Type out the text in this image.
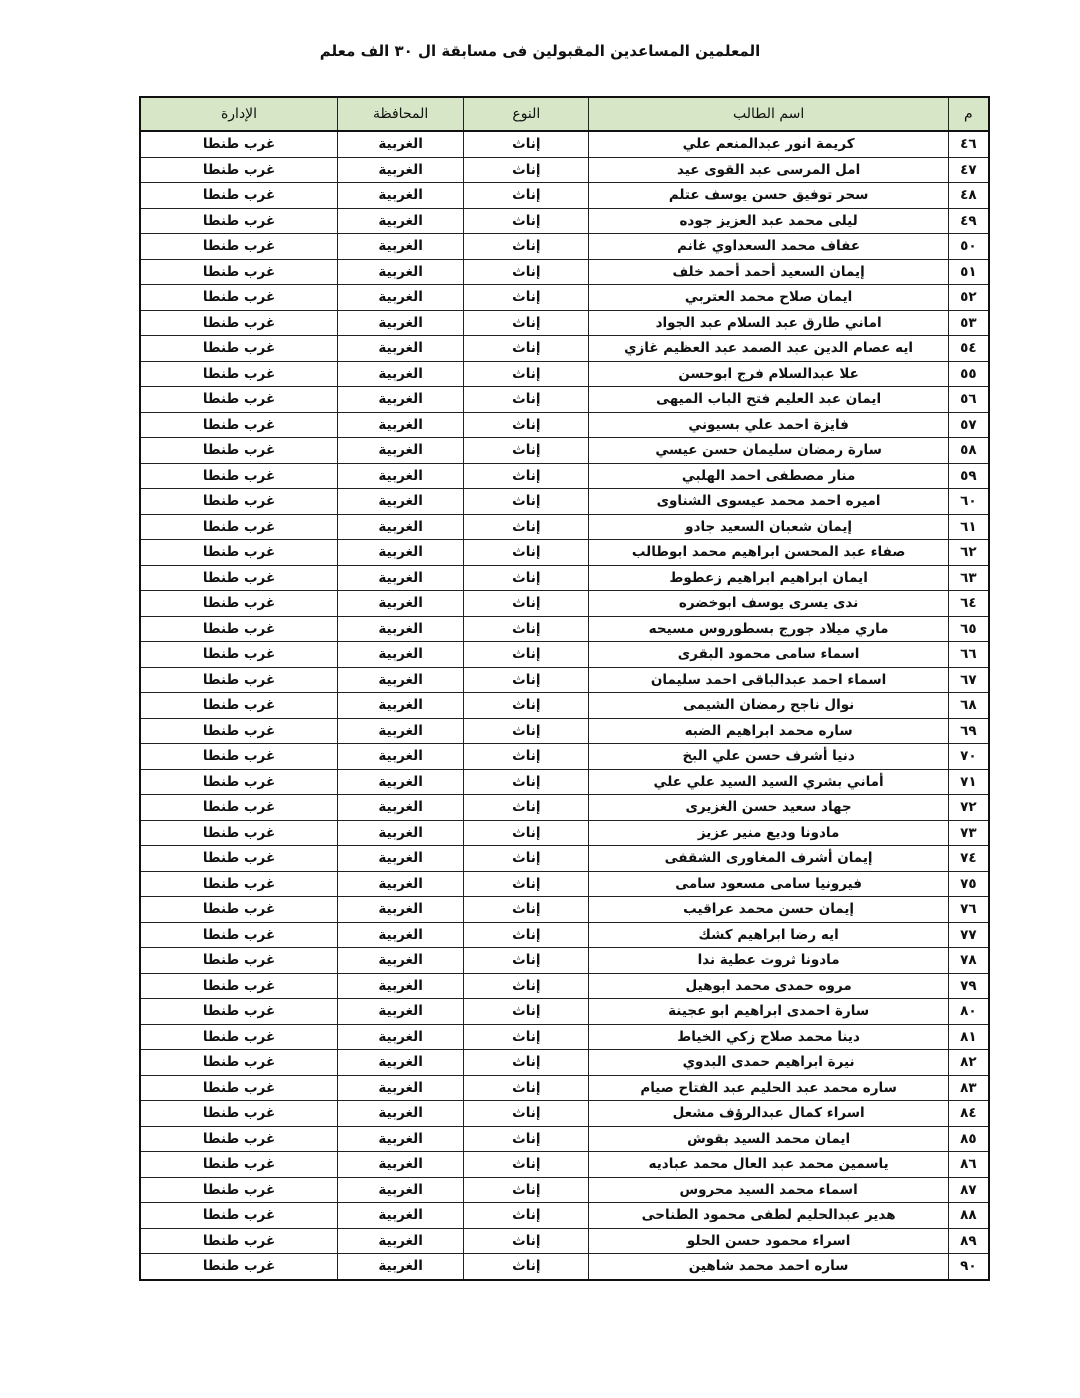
المعلمين المساعدين المقبولين فى مسابقة ال ٣٠ الف معلم
م	اسم الطالب	النوع	المحافظة	الإدارة
٤٦	كريمة انور عبدالمنعم علي	إناث	الغربية	غرب طنطا
٤٧	امل المرسى عبد القوى عيد	إناث	الغربية	غرب طنطا
٤٨	سحر توفيق حسن يوسف عتلم	إناث	الغربية	غرب طنطا
٤٩	ليلى محمد عبد العزيز جوده	إناث	الغربية	غرب طنطا
٥٠	عفاف محمد السعداوي غانم	إناث	الغربية	غرب طنطا
٥١	إيمان السعيد أحمد أحمد خلف	إناث	الغربية	غرب طنطا
٥٢	ايمان صلاح محمد العتربي	إناث	الغربية	غرب طنطا
٥٣	اماني طارق عبد السلام عبد الجواد	إناث	الغربية	غرب طنطا
٥٤	ايه عصام الدين عبد الصمد عبد العظيم غازي	إناث	الغربية	غرب طنطا
٥٥	علا عبدالسلام فرج ابوحسن	إناث	الغربية	غرب طنطا
٥٦	ايمان عبد العليم فتح الباب الميهى	إناث	الغربية	غرب طنطا
٥٧	فايزة احمد علي بسيوني	إناث	الغربية	غرب طنطا
٥٨	سارة رمضان سليمان حسن عيسي	إناث	الغربية	غرب طنطا
٥٩	منار مصطفى احمد الهلبي	إناث	الغربية	غرب طنطا
٦٠	اميره احمد محمد عيسوى الشناوى	إناث	الغربية	غرب طنطا
٦١	إيمان شعبان السعيد جادو	إناث	الغربية	غرب طنطا
٦٢	صفاء عبد المحسن ابراهيم محمد ابوطالب	إناث	الغربية	غرب طنطا
٦٣	ايمان ابراهيم ابراهيم زعطوط	إناث	الغربية	غرب طنطا
٦٤	ندى يسرى يوسف ابوخضره	إناث	الغربية	غرب طنطا
٦٥	ماري ميلاد جورج بسطوروس مسيحه	إناث	الغربية	غرب طنطا
٦٦	اسماء سامى محمود البقرى	إناث	الغربية	غرب طنطا
٦٧	اسماء احمد عبدالباقى احمد سليمان	إناث	الغربية	غرب طنطا
٦٨	نوال ناجح رمضان الشيمى	إناث	الغربية	غرب طنطا
٦٩	ساره محمد ابراهيم الضبه	إناث	الغربية	غرب طنطا
٧٠	دنيا أشرف حسن علي البخ	إناث	الغربية	غرب طنطا
٧١	أماني بشري السيد السيد علي علي	إناث	الغربية	غرب طنطا
٧٢	جهاد سعيد حسن الغزيرى	إناث	الغربية	غرب طنطا
٧٣	مادونا وديع منير عزيز	إناث	الغربية	غرب طنطا
٧٤	إيمان أشرف المغاورى الشقفى	إناث	الغربية	غرب طنطا
٧٥	فيرونيا سامى مسعود سامى	إناث	الغربية	غرب طنطا
٧٦	إيمان حسن محمد عراقيب	إناث	الغربية	غرب طنطا
٧٧	ايه رضا ابراهيم كشك	إناث	الغربية	غرب طنطا
٧٨	مادونا ثروت عطية ندا	إناث	الغربية	غرب طنطا
٧٩	مروه حمدى محمد ابوهيل	إناث	الغربية	غرب طنطا
٨٠	سارة احمدى ابراهيم ابو عجينة	إناث	الغربية	غرب طنطا
٨١	دينا محمد صلاح زكي الخياط	إناث	الغربية	غرب طنطا
٨٢	نيرة ابراهيم حمدى البدوي	إناث	الغربية	غرب طنطا
٨٣	ساره محمد عبد الحليم عبد الفتاح صيام	إناث	الغربية	غرب طنطا
٨٤	اسراء كمال عبدالرؤف مشعل	إناث	الغربية	غرب طنطا
٨٥	ايمان محمد السيد بقوش	إناث	الغربية	غرب طنطا
٨٦	ياسمين محمد عبد العال محمد عباديه	إناث	الغربية	غرب طنطا
٨٧	اسماء محمد السيد محروس	إناث	الغربية	غرب طنطا
٨٨	هدير عبدالحليم لطفى محمود الطناحى	إناث	الغربية	غرب طنطا
٨٩	اسراء محمود حسن الحلو	إناث	الغربية	غرب طنطا
٩٠	ساره احمد محمد شاهين	إناث	الغربية	غرب طنطا
